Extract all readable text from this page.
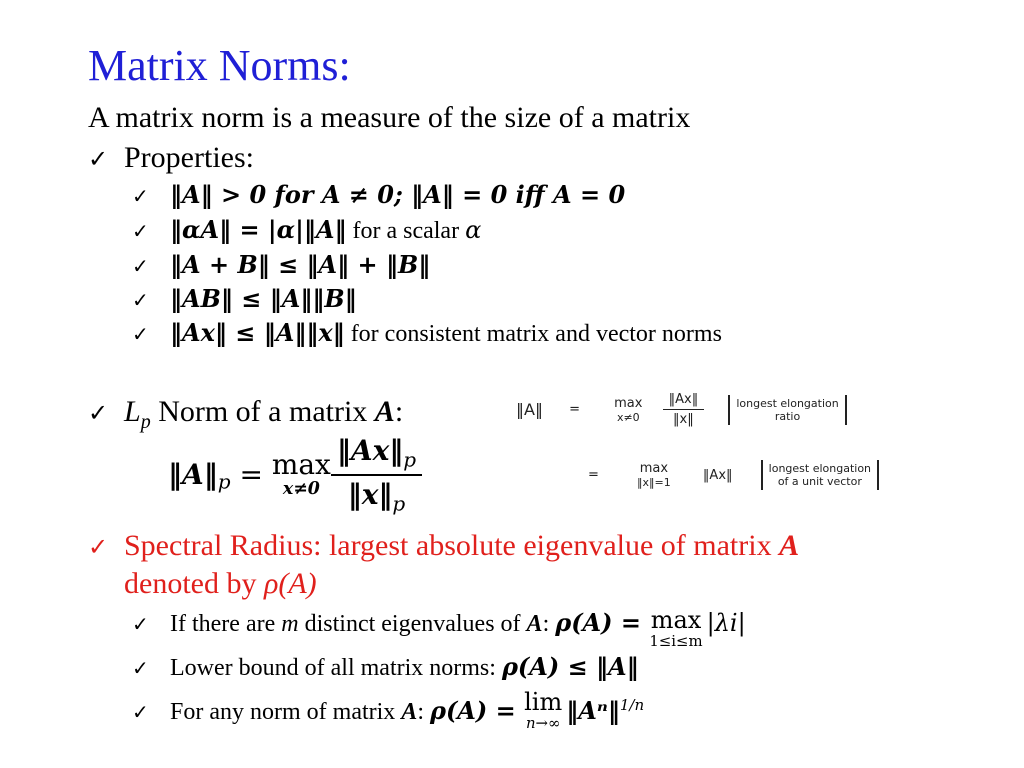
Matrix Norms:
A matrix norm is a measure of the size of a matrix
✓ Properties:
✓ ‖A‖ > 0 for A ≠ 0; ‖A‖ = 0 iff A = 0
✓ ‖αA‖ = |α|‖A‖ for a scalar α
✓ ‖A + B‖ ≤ ‖A‖ + ‖B‖
✓ ‖AB‖ ≤ ‖A‖‖B‖
✓ ‖Ax‖ ≤ ‖A‖‖x‖ for consistent matrix and vector norms
✓ $L_p$ Norm of a matrix A:
$‖A‖_p = \max$
$x\ne 0 \frac{‖Ax‖_p}{‖x‖_p}$
‖A‖ =	max
x≠0
$\frac{‖Ax‖}{‖x‖}$
	longest elongation
ratio
=	max
‖x‖=1 ‖Ax‖	longest elongation
of a unit vector
✓ Spectral Radius: largest absolute eigenvalue of matrix A
denoted by ρ(A)
✓ If there are m distinct eigenvalues of A: ρ(A) = max
1≤i≤m
|λi|
✓ Lower bound of all matrix norms: ρ(A) ≤ ‖A‖
✓ For any norm of matrix A: ρ(A) = lim
n→∞ ‖Aⁿ‖$^{1/n}$
